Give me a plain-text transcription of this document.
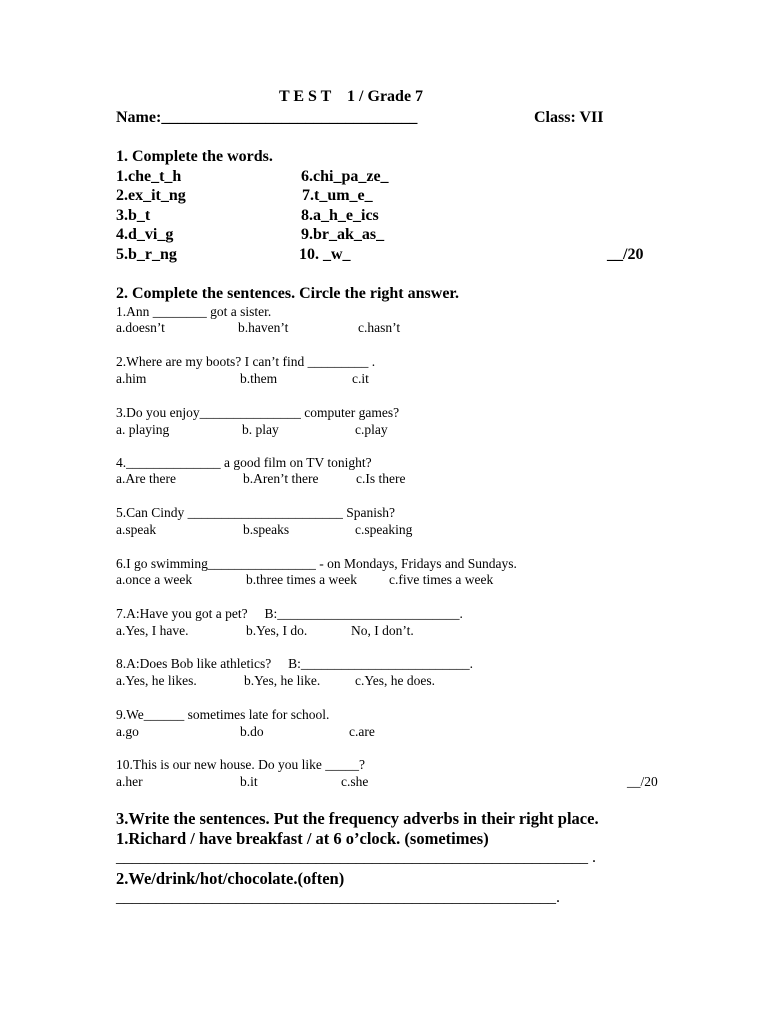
T E S T    1 / Grade 7
Name:________________________________	Class: VII
1. Complete the words.
1.che_t_h
2.ex_it_ng
3.b_t
4.d_vi_g
5.b_r_ng
6.chi_pa_ze_
7.t_um_e_
8.a_h_e_ics
9.br_ak_as_
10. _w_	__/20
2. Complete the sentences. Circle the right answer.
1.Ann ________ got a sister.
a.doesn’t	b.haven’t	c.hasn’t
2.Where are my boots? I can’t find _________ .
a.him	b.them	c.it
3.Do you enjoy_______________ computer games?
a. playing	b. play	c.play
4.______________ a good film on TV tonight?
a.Are there	b.Aren’t there	c.Is there
5.Can Cindy _______________________ Spanish?
a.speak	b.speaks	c.speaking
6.I go swimming________________ - on Mondays, Fridays and Sundays.
a.once a week	b.three times a week c.five times a week
7.A:Have you got a pet?     B:___________________________.
a.Yes, I have.	b.Yes, I do.	No, I don’t.
8.A:Does Bob like athletics?     B:_________________________.
a.Yes, he likes.	b.Yes, he like.	c.Yes, he does.
9.We______ sometimes late for school.
a.go	b.do	c.are
10.This is our new house. Do you like _____?
a.her	b.it	c.she	__/20
3.Write the sentences. Put the frequency adverbs in their right place.
1.Richard / have breakfast / at 6 o’clock. (sometimes)
___________________________________________________________ .
2.We/drink/hot/chocolate.(often)
_______________________________________________________.
